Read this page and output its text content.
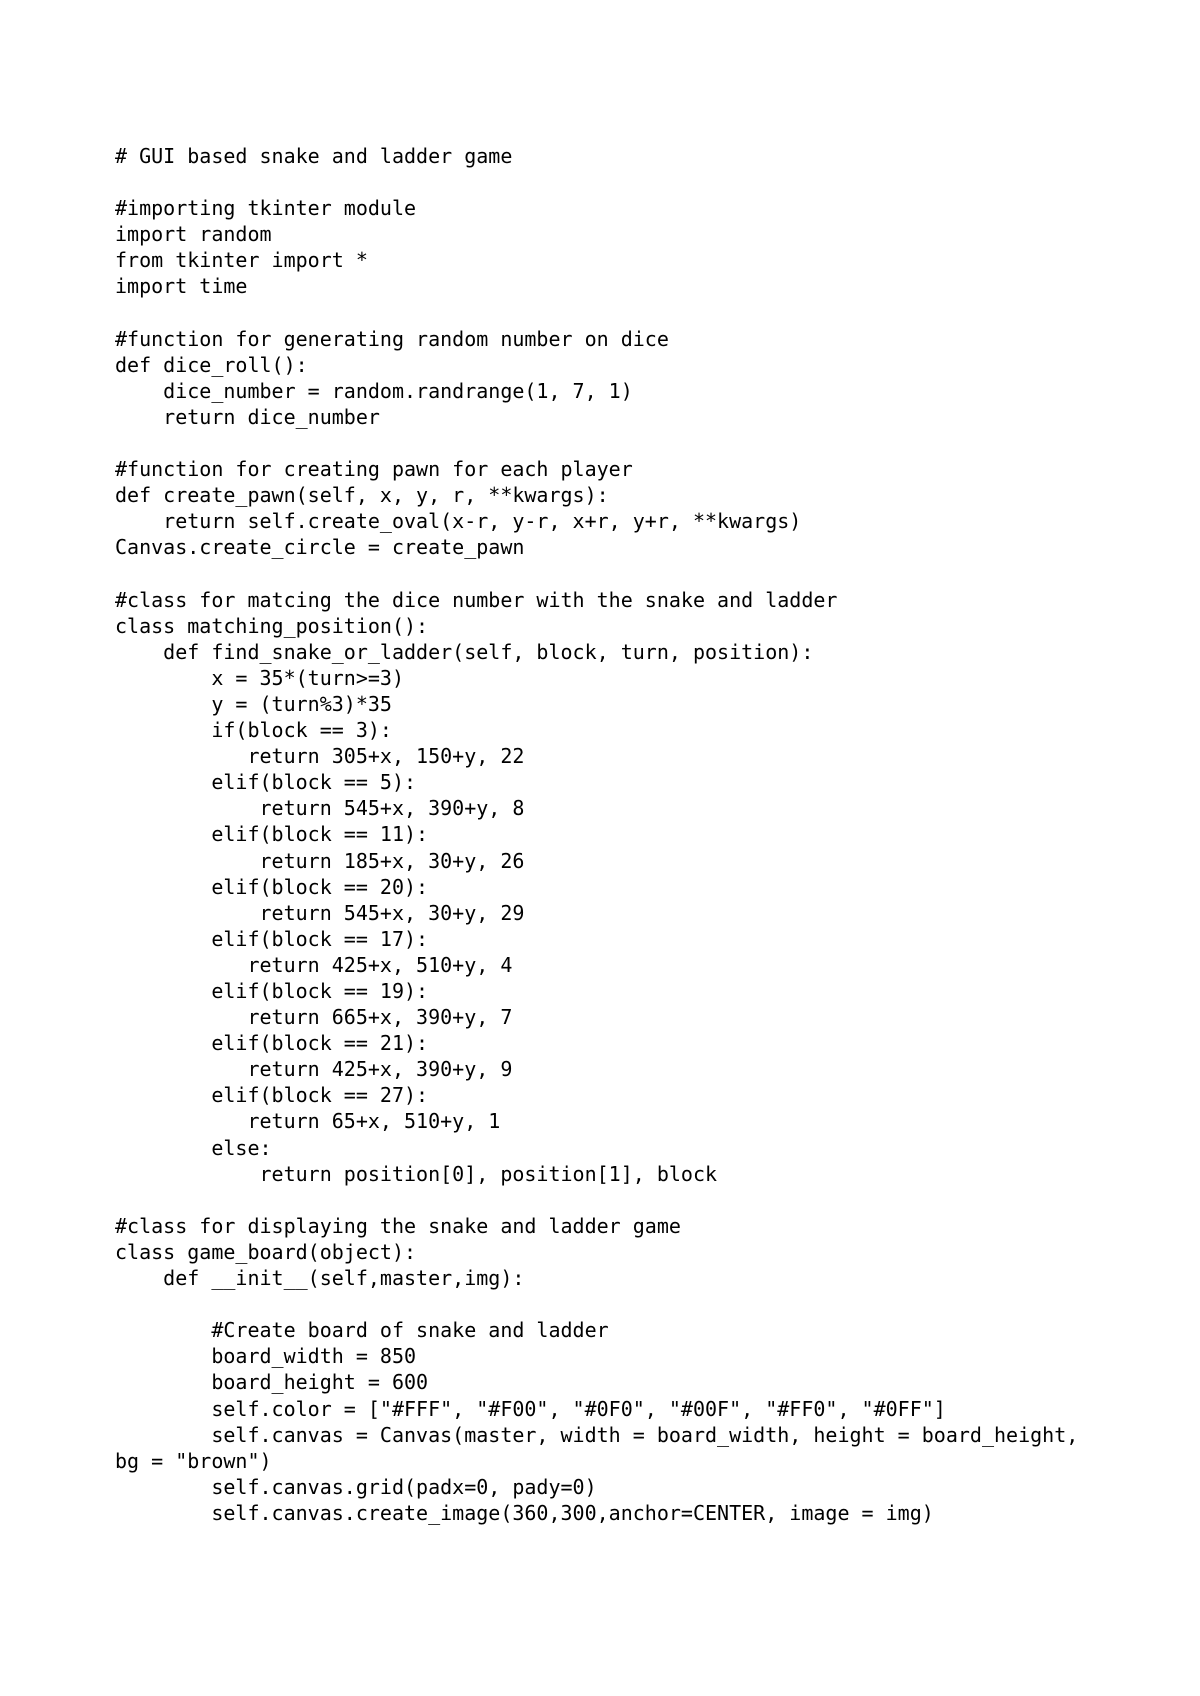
# GUI based snake and ladder game
#importing tkinter module
import random
from tkinter import *
import time
#function for generating random number on dice
def dice_roll():
dice_number = random.randrange(1, 7, 1)
return dice_number
#function for creating pawn for each player
def create_pawn(self, x, y, r, **kwargs):
return self.create_oval(x-r, y-r, x+r, y+r, **kwargs)
Canvas.create_circle = create_pawn
#class for matcing the dice number with the snake and ladder
class matching_position():
def find_snake_or_ladder(self, block, turn, position):
x = 35*(turn>=3)
y = (turn%3)*35
if(block == 3):
return 305+x, 150+y, 22
elif(block == 5):
return 545+x, 390+y, 8
elif(block == 11):
return 185+x, 30+y, 26
elif(block == 20):
return 545+x, 30+y, 29
elif(block == 17):
return 425+x, 510+y, 4
elif(block == 19):
return 665+x, 390+y, 7
elif(block == 21):
return 425+x, 390+y, 9
elif(block == 27):
return 65+x, 510+y, 1
else:
return position[0], position[1], block
#class for displaying the snake and ladder game
class game_board(object):
def __init__(self,master,img):
#Create board of snake and ladder
board_width = 850
board_height = 600
self.color = ["#FFF", "#F00", "#0F0", "#00F", "#FF0", "#0FF"]
self.canvas = Canvas(master, width = board_width, height = board_height,
bg = "brown")
self.canvas.grid(padx=0, pady=0)
self.canvas.create_image(360,300,anchor=CENTER, image = img)
